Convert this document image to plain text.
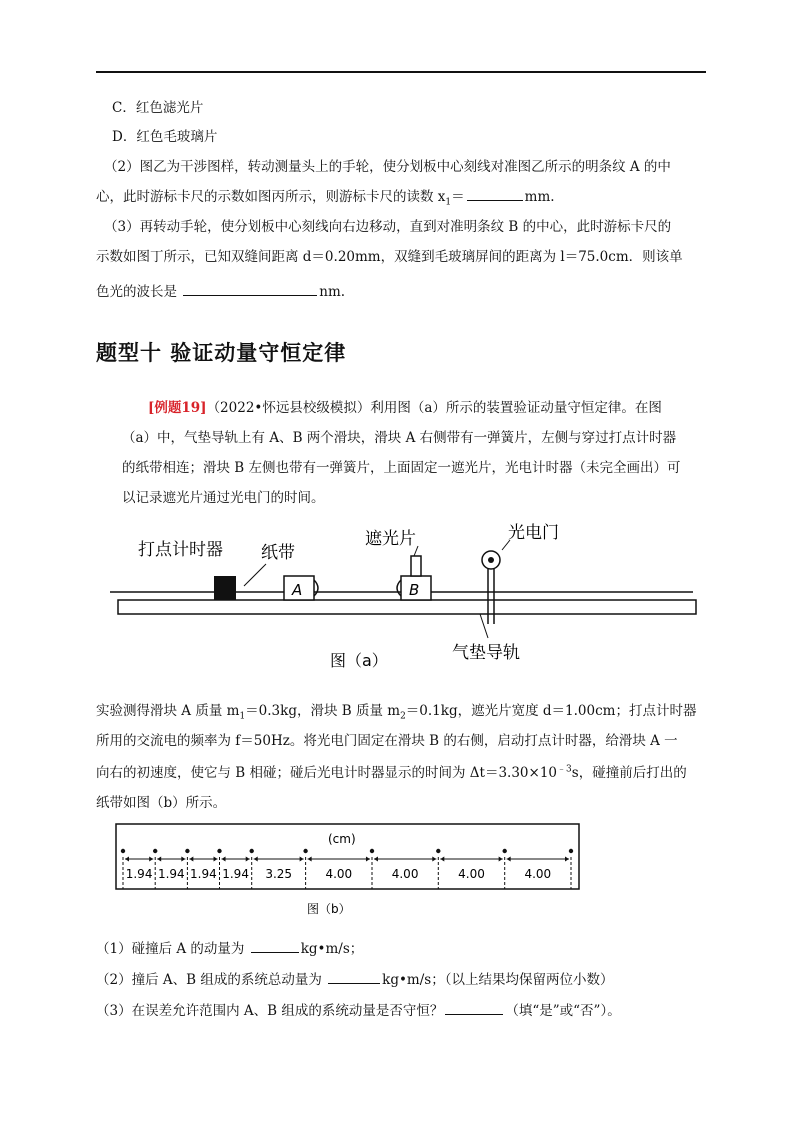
C．红色滤光片
D．红色毛玻璃片
（2）图乙为干涉图样，转动测量头上的手轮，使分划板中心刻线对准图乙所示的明条纹 A 的中
心，此时游标卡尺的示数如图丙所示，则游标卡尺的读数 $x_1=$	mm.
（3）再转动手轮，使分划板中心刻线向右边移动，直到对准明条纹 B 的中心，此时游标卡尺的
示数如图丁所示，已知双缝间距离 d＝0.20mm，双缝到毛玻璃屏间的距离为 l＝75.0cm．则该单
色光的波长是	nm.
题型十 验证动量守恒定律
[例题19]（2022•怀远县校级模拟）利用图（a）所示的装置验证动量守恒定律。在图
（a）中，气垫导轨上有 A、B 两个滑块，滑块 A 右侧带有一弹簧片，左侧与穿过打点计时器
的纸带相连；滑块 B 左侧也带有一弹簧片，上面固定一遮光片，光电计时器（未完全画出）可
以记录遮光片通过光电门的时间。
A	B
打点计时器 纸带
遮光片	光电门
图（a）	气垫导轨
实验测得滑块 A 质量 $m_1=0.3kg$，滑块 B 质量 $m_2=0.1kg$，遮光片宽度 d＝1.00cm；打点计时器
所用的交流电的频率为 f＝50Hz。将光电门固定在滑块 B 的右侧，启动打点计时器，给滑块 A 一
向右的初速度，使它与 B 相碰；碰后光电计时器显示的时间为 $\Delta t=3.30\times 10^{﹣3}s$，碰撞前后打出的
纸带如图（b）所示。
(cm)
1.94 1.94 1.94 1.94 3.25	4.00	4.00	4.00	4.00
图（b）
（1）碰撞后 A 的动量为	kg•m/s；
（2）撞后 A、B 组成的系统总动量为	kg•m/s；（以上结果均保留两位小数）
（3）在误差允许范围内 A、B 组成的系统动量是否守恒？	（填“是”或“否”）。
